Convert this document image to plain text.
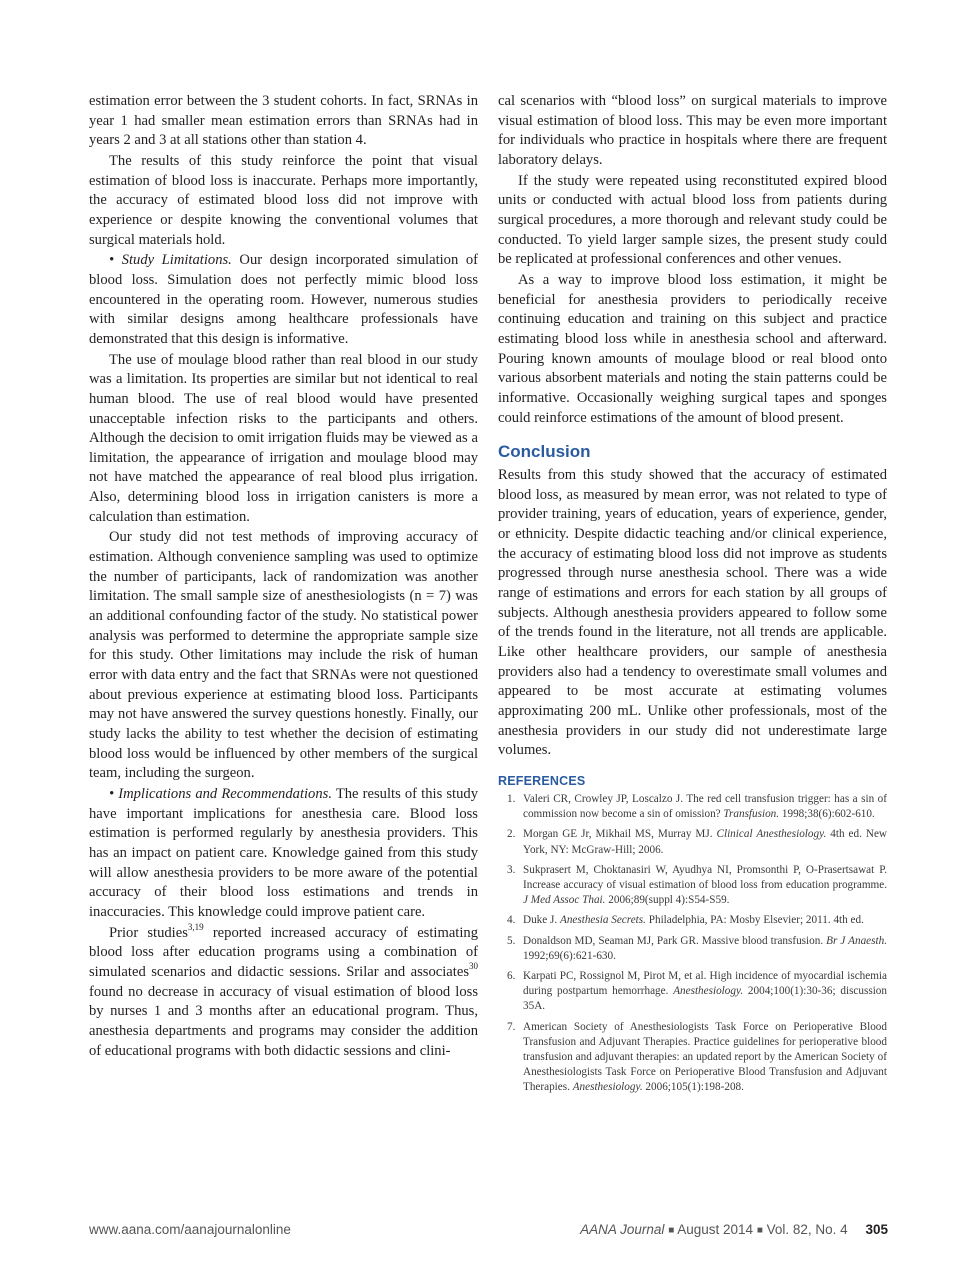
estimation error between the 3 student cohorts. In fact, SRNAs in year 1 had smaller mean estimation errors than SRNAs had in years 2 and 3 at all stations other than station 4.

The results of this study reinforce the point that visual estimation of blood loss is inaccurate. Perhaps more importantly, the accuracy of estimated blood loss did not improve with experience or despite knowing the conventional volumes that surgical materials hold.

• Study Limitations. Our design incorporated simulation of blood loss. Simulation does not perfectly mimic blood loss encountered in the operating room. However, numerous studies with similar designs among healthcare professionals have demonstrated that this design is informative.

The use of moulage blood rather than real blood in our study was a limitation. Its properties are similar but not identical to real human blood. The use of real blood would have presented unacceptable infection risks to the participants and others. Although the decision to omit irrigation fluids may be viewed as a limitation, the appearance of irrigation and moulage blood may not have matched the appearance of real blood plus irrigation. Also, determining blood loss in irrigation canisters is more a calculation than estimation.

Our study did not test methods of improving accuracy of estimation. Although convenience sampling was used to optimize the number of participants, lack of randomization was another limitation. The small sample size of anesthesiologists (n = 7) was an additional confounding factor of the study. No statistical power analysis was performed to determine the appropriate sample size for this study. Other limitations may include the risk of human error with data entry and the fact that SRNAs were not questioned about previous experience at estimating blood loss. Participants may not have answered the survey questions honestly. Finally, our study lacks the ability to test whether the decision of estimating blood loss would be influenced by other members of the surgical team, including the surgeon.

• Implications and Recommendations. The results of this study have important implications for anesthesia care. Blood loss estimation is performed regularly by anesthesia providers. This has an impact on patient care. Knowledge gained from this study will allow anesthesia providers to be more aware of the potential accuracy of their blood loss estimations and trends in inaccuracies. This knowledge could improve patient care.

Prior studies$^{3,19}$ reported increased accuracy of estimating blood loss after education programs using a combination of simulated scenarios and didactic sessions. Srilar and associates$^{30}$ found no decrease in accuracy of visual estimation of blood loss by nurses 1 and 3 months after an educational program. Thus, anesthesia departments and programs may consider the addition of educational programs with both didactic sessions and clini-

cal scenarios with “blood loss” on surgical materials to improve visual estimation of blood loss. This may be even more important for individuals who practice in hospitals where there are frequent laboratory delays.

If the study were repeated using reconstituted expired blood units or conducted with actual blood loss from patients during surgical procedures, a more thorough and relevant study could be conducted. To yield larger sample sizes, the present study could be replicated at professional conferences and other venues.

As a way to improve blood loss estimation, it might be beneficial for anesthesia providers to periodically receive continuing education and training on this subject and practice estimating blood loss while in anesthesia school and afterward. Pouring known amounts of moulage blood or real blood onto various absorbent materials and noting the stain patterns could be informative. Occasionally weighing surgical tapes and sponges could reinforce estimations of the amount of blood present.

Conclusion

Results from this study showed that the accuracy of estimated blood loss, as measured by mean error, was not related to type of provider training, years of education, years of experience, gender, or ethnicity. Despite didactic teaching and/or clinical experience, the accuracy of estimating blood loss did not improve as students progressed through nurse anesthesia school. There was a wide range of estimations and errors for each station by all groups of subjects. Although anesthesia providers appeared to follow some of the trends found in the literature, not all trends are applicable. Like other healthcare providers, our sample of anesthesia providers also had a tendency to overestimate small volumes and appeared to be most accurate at estimating volumes approximating 200 mL. Unlike other professionals, most of the anesthesia providers in our study did not underestimate large volumes.

REFERENCES
1. Valeri CR, Crowley JP, Loscalzo J. The red cell transfusion trigger: has a sin of commission now become a sin of omission? Transfusion. 1998;38(6):602-610.
2. Morgan GE Jr, Mikhail MS, Murray MJ. Clinical Anesthesiology. 4th ed. New York, NY: McGraw-Hill; 2006.
3. Sukprasert M, Choktanasiri W, Ayudhya NI, Promsonthi P, O-Prasertsawat P. Increase accuracy of visual estimation of blood loss from education programme. J Med Assoc Thai. 2006;89(suppl 4):S54-S59.
4. Duke J. Anesthesia Secrets. Philadelphia, PA: Mosby Elsevier; 2011. 4th ed.
5. Donaldson MD, Seaman MJ, Park GR. Massive blood transfusion. Br J Anaesth. 1992;69(6):621-630.
6. Karpati PC, Rossignol M, Pirot M, et al. High incidence of myocardial ischemia during postpartum hemorrhage. Anesthesiology. 2004;100(1):30-36; discussion 35A.
7. American Society of Anesthesiologists Task Force on Perioperative Blood Transfusion and Adjuvant Therapies. Practice guidelines for perioperative blood transfusion and adjuvant therapies: an updated report by the American Society of Anesthesiologists Task Force on Perioperative Blood Transfusion and Adjuvant Therapies. Anesthesiology. 2006;105(1):198-208.
www.aana.com/aanajournalonline	AANA Journal ■ August 2014 ■ Vol. 82, No. 4 305
